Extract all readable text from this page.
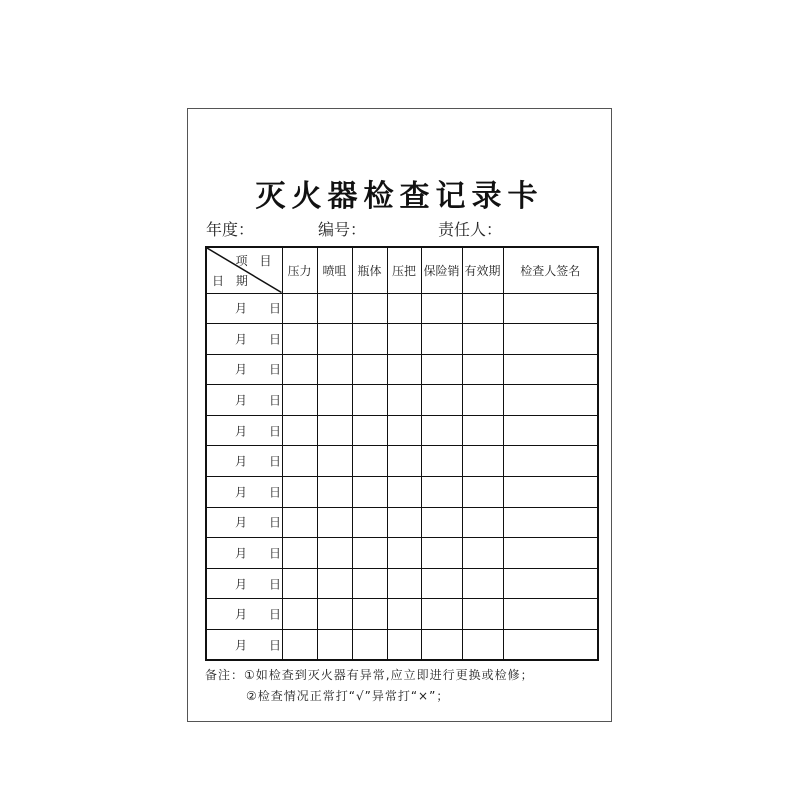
灭火器检查记录卡
年度：	编号：	责任人：
项 目
日 期	压力	喷咀	瓶体	压把	保险销	有效期	检查人签名

月 日							

月 日							

月 日							

月 日							

月 日							

月 日							

月 日							

月 日							

月 日							

月 日							

月 日							

月 日							

备注：①如检查到灭火器有异常,应立即进行更换或检修；
②检查情况正常打“√”异常打“×”；
